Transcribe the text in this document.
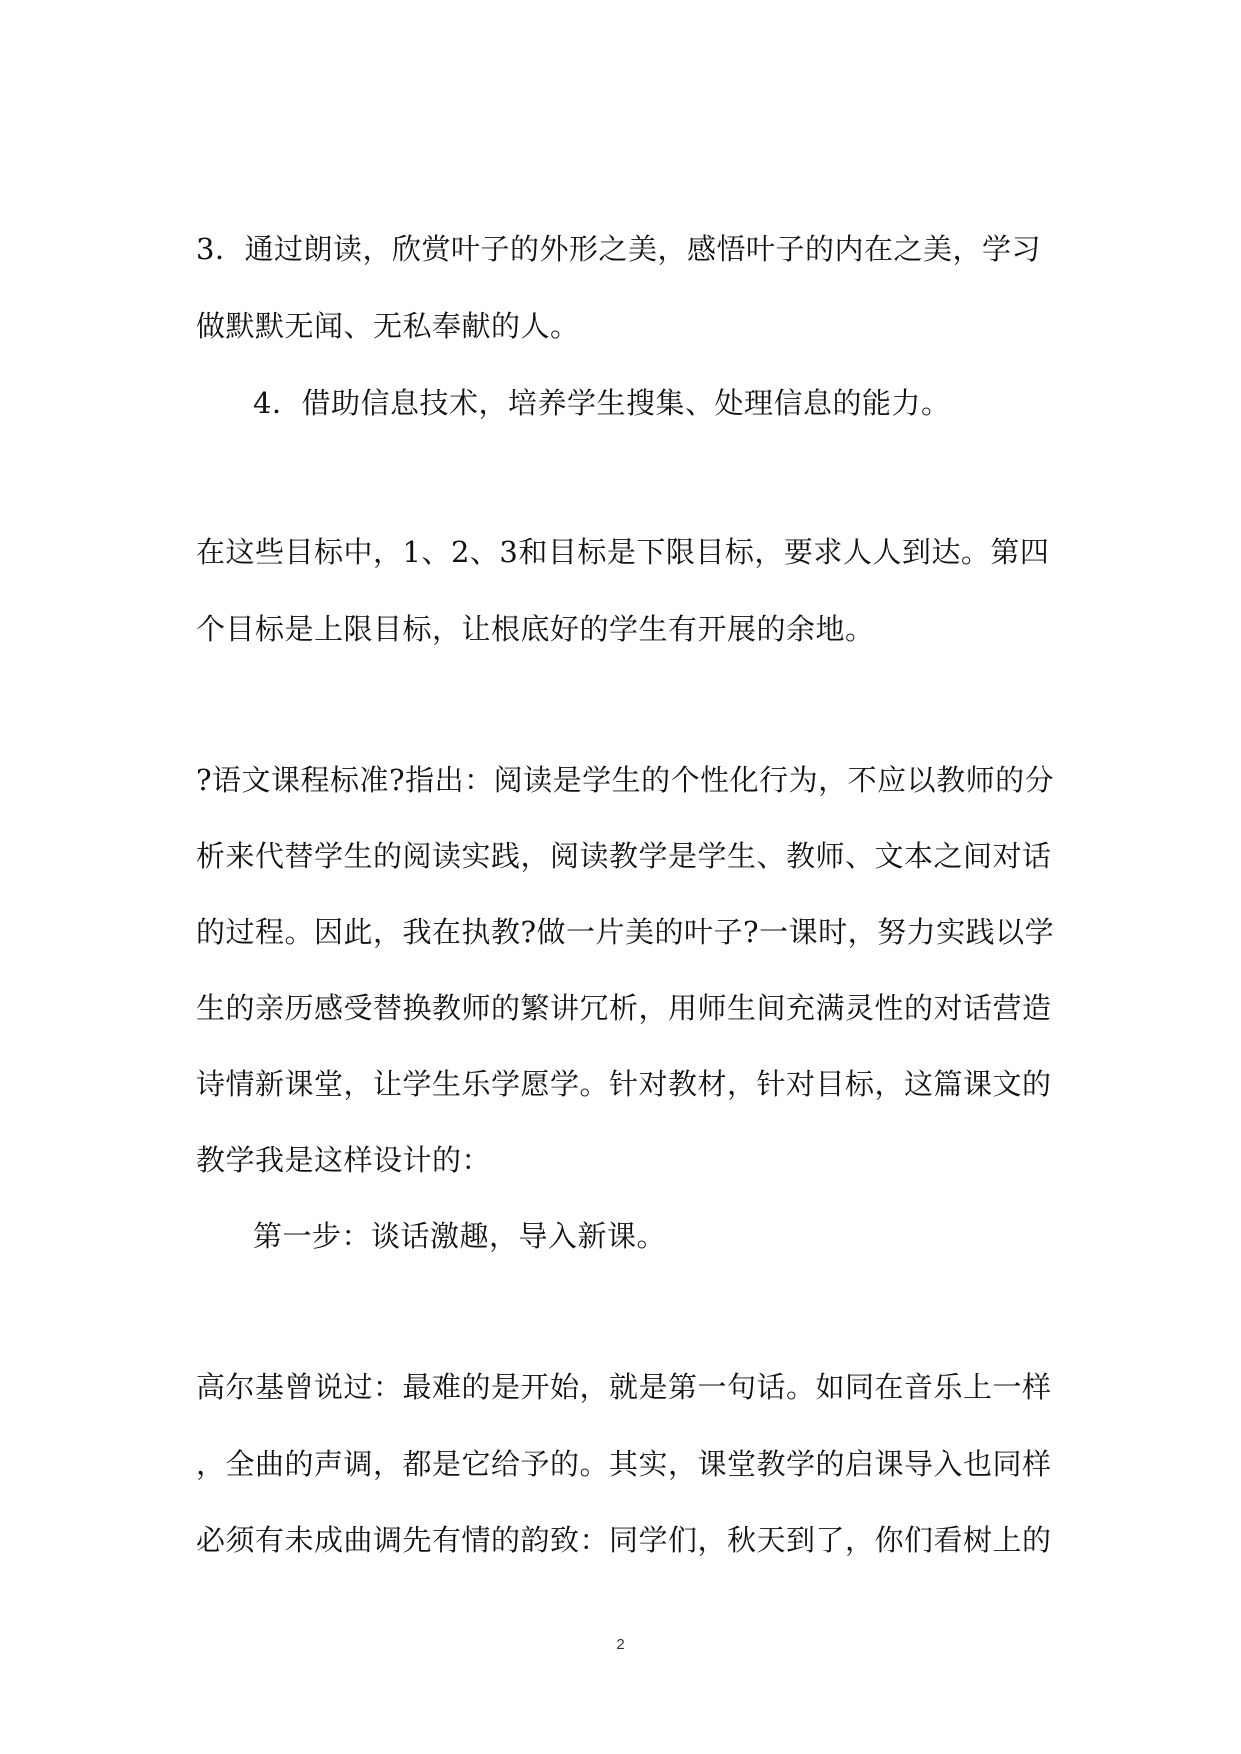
3．通过朗读，欣赏叶子的外形之美，感悟叶子的内在之美，学习
做默默无闻、无私奉献的人。
4．借助信息技术，培养学生搜集、处理信息的能力。
在这些目标中，1、2、3和目标是下限目标，要求人人到达。第四
个目标是上限目标，让根底好的学生有开展的余地。
?语文课程标准?指出：阅读是学生的个性化行为，不应以教师的分
析来代替学生的阅读实践，阅读教学是学生、教师、文本之间对话
的过程。因此，我在执教?做一片美的叶子?一课时，努力实践以学
生的亲历感受替换教师的繁讲冗析，用师生间充满灵性的对话营造
诗情新课堂，让学生乐学愿学。针对教材，针对目标，这篇课文的
教学我是这样设计的：
第一步：谈话激趣，导入新课。
高尔基曾说过：最难的是开始，就是第一句话。如同在音乐上一样
，全曲的声调，都是它给予的。其实，课堂教学的启课导入也同样
必须有未成曲调先有情的韵致：同学们，秋天到了，你们看树上的
2
